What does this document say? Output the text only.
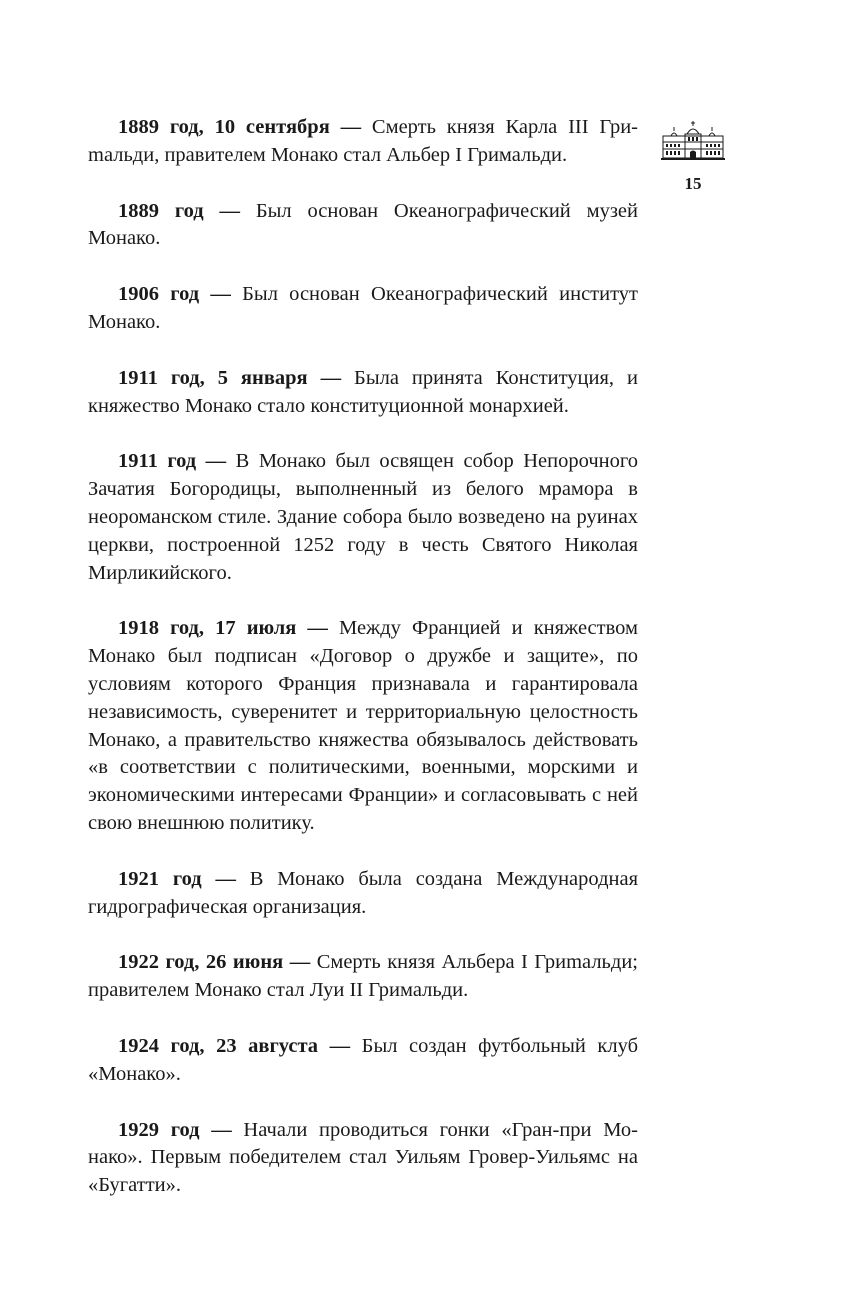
1889 год, 10 сентября — Смерть князя Карла III Гриmальди, правителем Монако стал Альбер I Гримальди.

1889 год — Был основан Океанографический музей Монако.

1906 год — Был основан Океанографический институт Монако.

1911 год, 5 января — Была принята Конституция, и княжество Монако стало конституционной монархией.

1911 год — В Монако был освящен собор Непорочного Зачатия Богородицы, выполненный из белого мрамора в неороманском стиле. Здание собора было возведено на руинах церкви, построенной 1252 году в честь Святого Николая Мирликийского.

1918 год, 17 июля — Между Францией и княжеством Монако был подписан «Договор о дружбе и защите», по условиям которого Франция признавала и гарантировала независимость, суверенитет и территориальную целостность Монако, а правительство княжества обязывалось действовать «в соответствии с политическими, военными, морскими и экономическими интересами Франции» и согласовывать с ней свою внешнюю политику.

1921 год — В Монако была создана Международная гидрографическая организация.

1922 год, 26 июня — Смерть князя Альбера I Гриmальди; правителем Монако стал Луи II Гримальди.

1924 год, 23 августа — Был создан футбольный клуб «Монако».

1929 год — Начали проводиться гонки «Гран-при Монако». Первым победителем стал Уильям Гровер-Уильямс на «Бугатти».

15
